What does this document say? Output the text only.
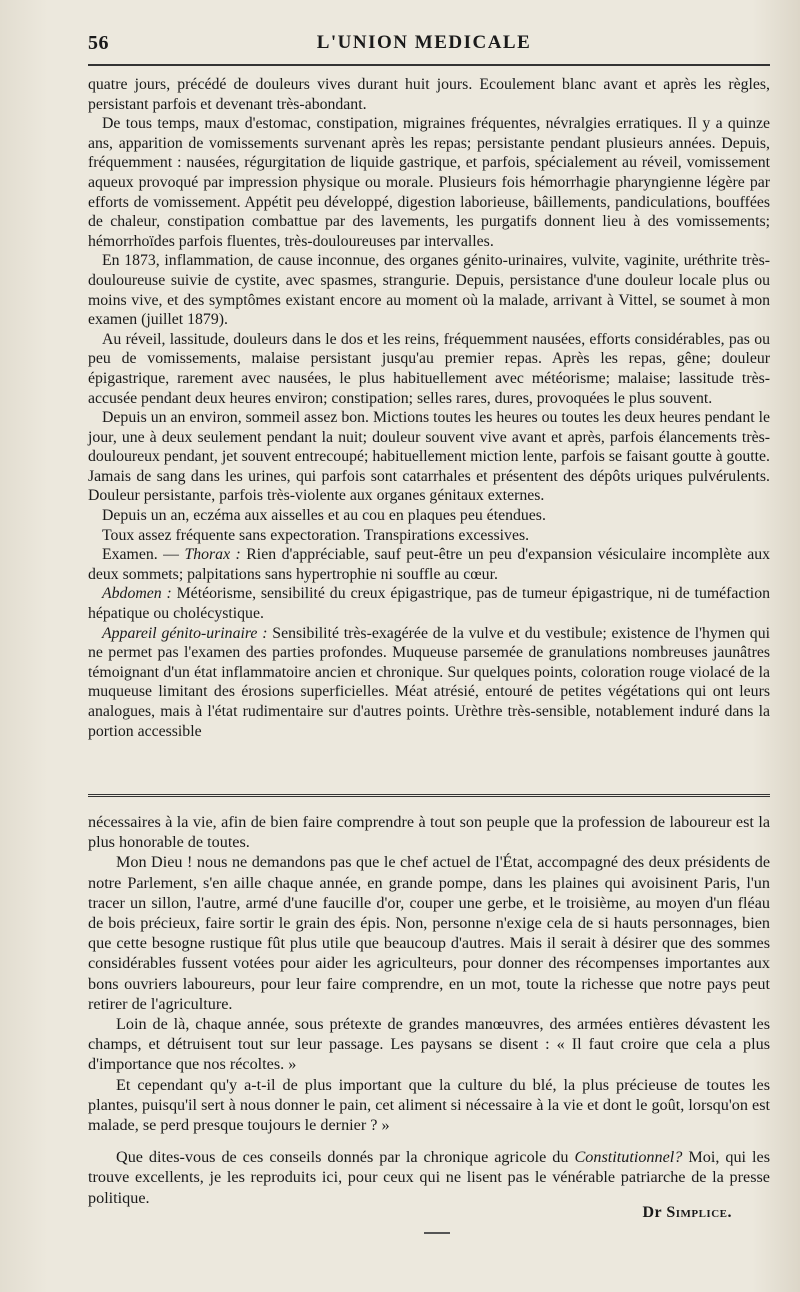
56	L'UNION MEDICALE

quatre jours, précédé de douleurs vives durant huit jours. Ecoulement blanc avant et après les règles, persistant parfois et devenant très-abondant.

De tous temps, maux d'estomac, constipation, migraines fréquentes, névralgies erratiques. Il y a quinze ans, apparition de vomissements survenant après les repas; persistante pendant plusieurs années. Depuis, fréquemment : nausées, régurgitation de liquide gastrique, et parfois, spécialement au réveil, vomissement aqueux provoqué par impression physique ou morale. Plusieurs fois hémorrhagie pharyngienne légère par efforts de vomissement. Appétit peu développé, digestion laborieuse, bâillements, pandiculations, bouffées de chaleur, constipation combattue par des lavements, les purgatifs donnent lieu à des vomissements; hémorrhoïdes parfois fluentes, très-douloureuses par intervalles.

En 1873, inflammation, de cause inconnue, des organes génito-urinaires, vulvite, vaginite, uréthrite très-douloureuse suivie de cystite, avec spasmes, strangurie. Depuis, persistance d'une douleur locale plus ou moins vive, et des symptômes existant encore au moment où la malade, arrivant à Vittel, se soumet à mon examen (juillet 1879).

Au réveil, lassitude, douleurs dans le dos et les reins, fréquemment nausées, efforts considérables, pas ou peu de vomissements, malaise persistant jusqu'au premier repas. Après les repas, gêne; douleur épigastrique, rarement avec nausées, le plus habituellement avec météorisme; malaise; lassitude très-accusée pendant deux heures environ; constipation; selles rares, dures, provoquées le plus souvent.

Depuis un an environ, sommeil assez bon. Mictions toutes les heures ou toutes les deux heures pendant le jour, une à deux seulement pendant la nuit; douleur souvent vive avant et après, parfois élancements très-douloureux pendant, jet souvent entrecoupé; habituellement miction lente, parfois se faisant goutte à goutte. Jamais de sang dans les urines, qui parfois sont catarrhales et présentent des dépôts uriques pulvérulents. Douleur persistante, parfois très-violente aux organes génitaux externes.

Depuis un an, eczéma aux aisselles et au cou en plaques peu étendues.

Toux assez fréquente sans expectoration. Transpirations excessives.

Examen. — Thorax : Rien d'appréciable, sauf peut-être un peu d'expansion vésiculaire incomplète aux deux sommets; palpitations sans hypertrophie ni souffle au cœur.

Abdomen : Météorisme, sensibilité du creux épigastrique, pas de tumeur épigastrique, ni de tuméfaction hépatique ou cholécystique.

Appareil génito-urinaire : Sensibilité très-exagérée de la vulve et du vestibule; existence de l'hymen qui ne permet pas l'examen des parties profondes. Muqueuse parsemée de granulations nombreuses jaunâtres témoignant d'un état inflammatoire ancien et chronique. Sur quelques points, coloration rouge violacé de la muqueuse limitant des érosions superficielles. Méat atrésié, entouré de petites végétations qui ont leurs analogues, mais à l'état rudimentaire sur d'autres points. Urèthre très-sensible, notablement induré dans la portion accessible

nécessaires à la vie, afin de bien faire comprendre à tout son peuple que la profession de laboureur est la plus honorable de toutes.

Mon Dieu ! nous ne demandons pas que le chef actuel de l'État, accompagné des deux présidents de notre Parlement, s'en aille chaque année, en grande pompe, dans les plaines qui avoisinent Paris, l'un tracer un sillon, l'autre, armé d'une faucille d'or, couper une gerbe, et le troisième, au moyen d'un fléau de bois précieux, faire sortir le grain des épis. Non, personne n'exige cela de si hauts personnages, bien que cette besogne rustique fût plus utile que beaucoup d'autres. Mais il serait à désirer que des sommes considérables fussent votées pour aider les agriculteurs, pour donner des récompenses importantes aux bons ouvriers laboureurs, pour leur faire comprendre, en un mot, toute la richesse que notre pays peut retirer de l'agriculture.

Loin de là, chaque année, sous prétexte de grandes manœuvres, des armées entières dévastent les champs, et détruisent tout sur leur passage. Les paysans se disent : « Il faut croire que cela a plus d'importance que nos récoltes. »

Et cependant qu'y a-t-il de plus important que la culture du blé, la plus précieuse de toutes les plantes, puisqu'il sert à nous donner le pain, cet aliment si nécessaire à la vie et dont le goût, lorsqu'on est malade, se perd presque toujours le dernier ? »

Que dites-vous de ces conseils donnés par la chronique agricole du Constitutionnel? Moi, qui les trouve excellents, je les reproduits ici, pour ceux qui ne lisent pas le vénérable patriarche de la presse politique.

Dr Simplice.
